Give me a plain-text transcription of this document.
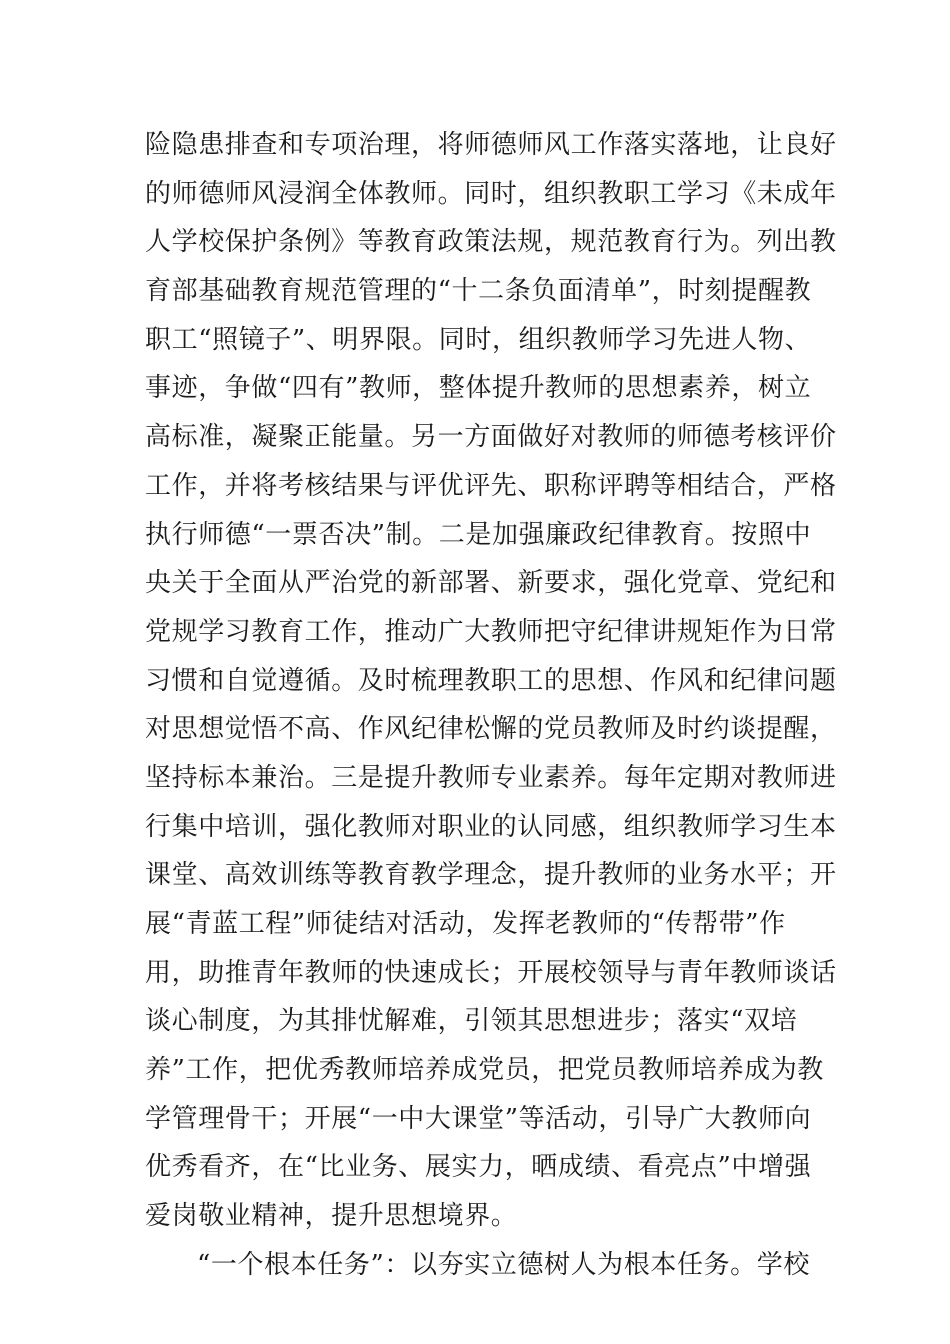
险隐患排查和专项治理，将师德师风工作落实落地，让良好
的师德师风浸润全体教师。同时，组织教职工学习《未成年
人学校保护条例》等教育政策法规，规范教育行为。列出教
育部基础教育规范管理的“十二条负面清单”，时刻提醒教
职工“照镜子”、明界限。同时，组织教师学习先进人物、
事迹，争做“四有”教师，整体提升教师的思想素养，树立
高标准，凝聚正能量。另一方面做好对教师的师德考核评价
工作，并将考核结果与评优评先、职称评聘等相结合，严格
执行师德“一票否决”制。二是加强廉政纪律教育。按照中
央关于全面从严治党的新部署、新要求，强化党章、党纪和
党规学习教育工作，推动广大教师把守纪律讲规矩作为日常
习惯和自觉遵循。及时梳理教职工的思想、作风和纪律问题
对思想觉悟不高、作风纪律松懈的党员教师及时约谈提醒，
坚持标本兼治。三是提升教师专业素养。每年定期对教师进
行集中培训，强化教师对职业的认同感，组织教师学习生本
课堂、高效训练等教育教学理念，提升教师的业务水平；开
展“青蓝工程”师徒结对活动，发挥老教师的“传帮带”作
用，助推青年教师的快速成长；开展校领导与青年教师谈话
谈心制度，为其排忧解难，引领其思想进步；落实“双培
养”工作，把优秀教师培养成党员，把党员教师培养成为教
学管理骨干；开展“一中大课堂”等活动，引导广大教师向
优秀看齐，在“比业务、展实力，晒成绩、看亮点”中增强
爱岗敬业精神，提升思想境界。
“一个根本任务”：以夯实立德树人为根本任务。学校
